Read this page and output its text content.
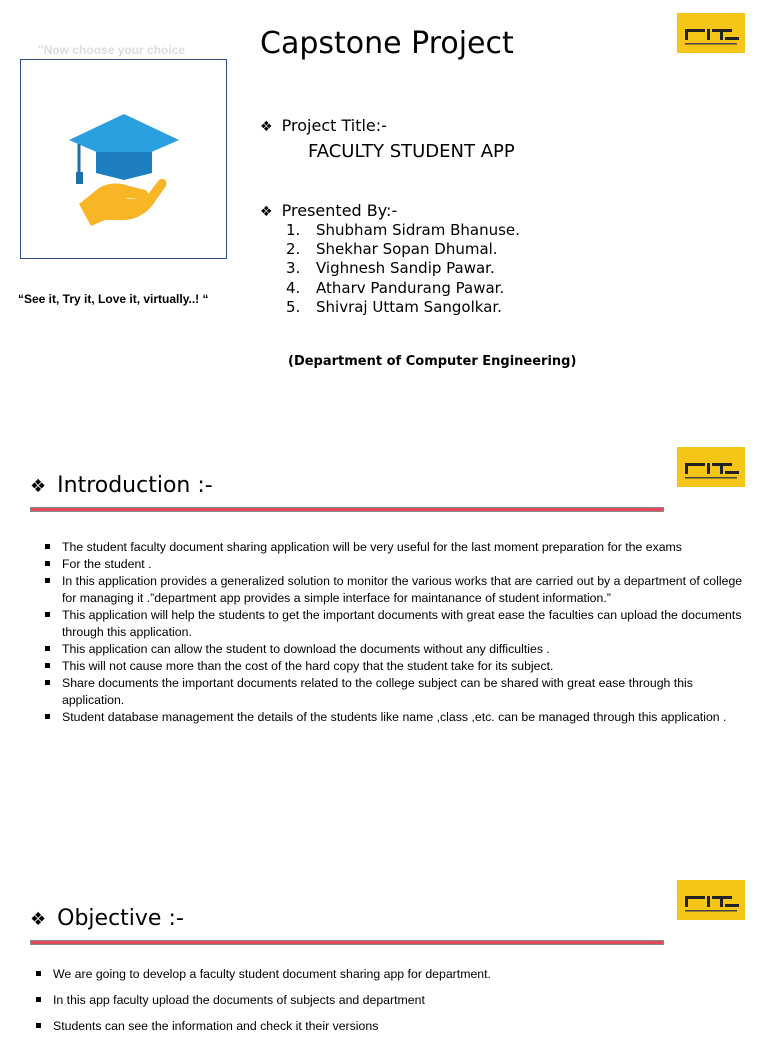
"Now choose your choice Capstone Project
“See it, Try it, Love it, virtually..! “
❖ Project Title:-
FACULTY STUDENT APP
❖ Presented By:-
1. Shubham Sidram Bhanuse.
2. Shekhar Sopan Dhumal.
3. Vighnesh Sandip Pawar.
4. Atharv Pandurang Pawar.
5. Shivraj Uttam Sangolkar.
(Department of Computer Engineering)
❖ Introduction :-
The student faculty document sharing application will be very useful for the last moment preparation for the exams
For the student .
In this application provides a generalized solution to monitor the various works that are carried out by a department of college for managing it .”department app provides a simple interface for maintanance of student information.”
This application will help the students to get the important documents with great ease the faculties can upload the documents through this application.
This application can allow the student to download the documents without any difficulties .
This will not cause more than the cost of the hard copy that the student take for its subject.
Share documents the important documents related to the college subject can be shared with great ease through this application.
Student database management the details of the students like name ,class ,etc. can be managed through this application .
❖ Objective :-
We are going to develop a faculty student document sharing app for department.
In this app faculty upload the documents of subjects and department
Students can see the information and check it their versions
